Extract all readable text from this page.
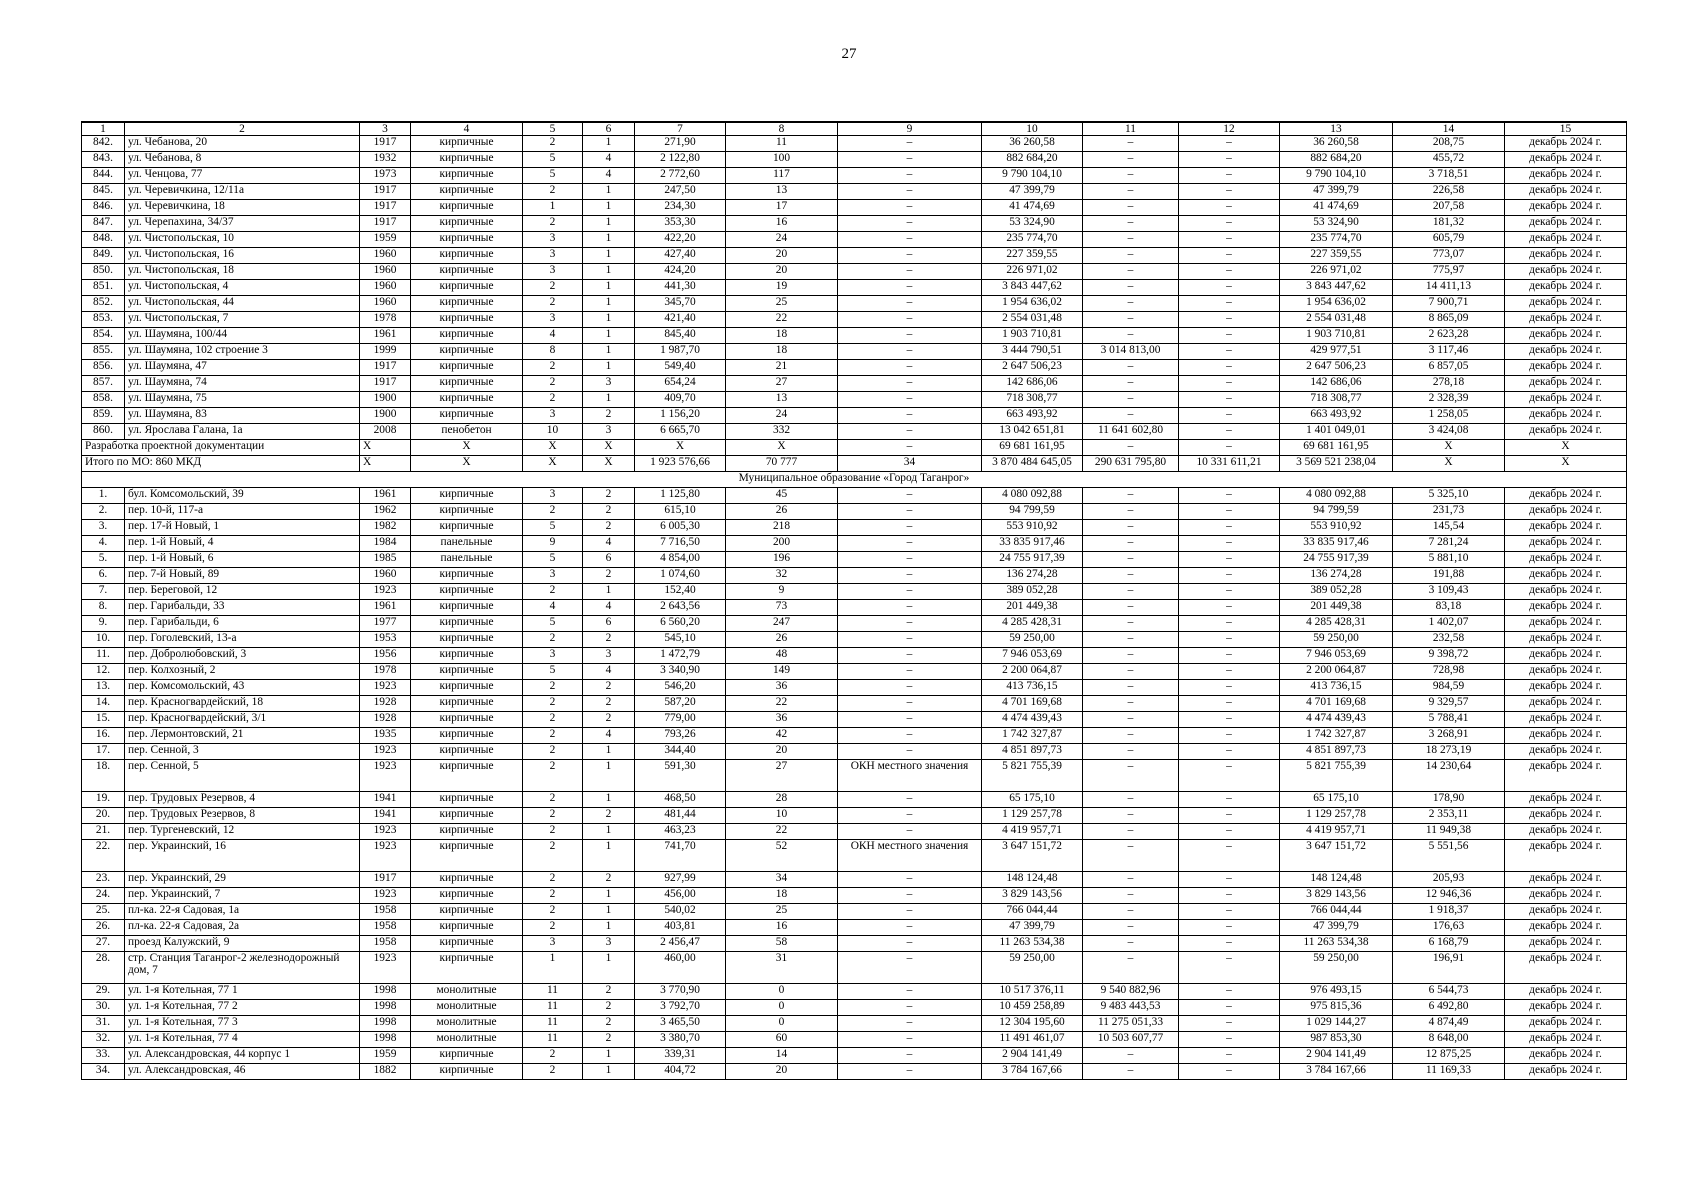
27
1	2	3	4	5	6	7	8	9	10	11	12	13	14	15
842.	ул. Чебанова, 20	1917	кирпичные	2	1	271,90	11	–	36 260,58	–	–	36 260,58	208,75	декабрь 2024 г.
843.	ул. Чебанова, 8	1932	кирпичные	5	4	2 122,80	100	–	882 684,20	–	–	882 684,20	455,72	декабрь 2024 г.
844.	ул. Ченцова, 77	1973	кирпичные	5	4	2 772,60	117	–	9 790 104,10	–	–	9 790 104,10	3 718,51	декабрь 2024 г.
845.	ул. Черевичкина, 12/11а	1917	кирпичные	2	1	247,50	13	–	47 399,79	–	–	47 399,79	226,58	декабрь 2024 г.
846.	ул. Черевичкина, 18	1917	кирпичные	1	1	234,30	17	–	41 474,69	–	–	41 474,69	207,58	декабрь 2024 г.
847.	ул. Черепахина, 34/37	1917	кирпичные	2	1	353,30	16	–	53 324,90	–	–	53 324,90	181,32	декабрь 2024 г.
848.	ул. Чистопольская, 10	1959	кирпичные	3	1	422,20	24	–	235 774,70	–	–	235 774,70	605,79	декабрь 2024 г.
849.	ул. Чистопольская, 16	1960	кирпичные	3	1	427,40	20	–	227 359,55	–	–	227 359,55	773,07	декабрь 2024 г.
850.	ул. Чистопольская, 18	1960	кирпичные	3	1	424,20	20	–	226 971,02	–	–	226 971,02	775,97	декабрь 2024 г.
851.	ул. Чистопольская, 4	1960	кирпичные	2	1	441,30	19	–	3 843 447,62	–	–	3 843 447,62	14 411,13	декабрь 2024 г.
852.	ул. Чистопольская, 44	1960	кирпичные	2	1	345,70	25	–	1 954 636,02	–	–	1 954 636,02	7 900,71	декабрь 2024 г.
853.	ул. Чистопольская, 7	1978	кирпичные	3	1	421,40	22	–	2 554 031,48	–	–	2 554 031,48	8 865,09	декабрь 2024 г.
854.	ул. Шаумяна, 100/44	1961	кирпичные	4	1	845,40	18	–	1 903 710,81	–	–	1 903 710,81	2 623,28	декабрь 2024 г.
855.	ул. Шаумяна, 102 строение 3	1999	кирпичные	8	1	1 987,70	18	–	3 444 790,51	3 014 813,00	–	429 977,51	3 117,46	декабрь 2024 г.
856.	ул. Шаумяна, 47	1917	кирпичные	2	1	549,40	21	–	2 647 506,23	–	–	2 647 506,23	6 857,05	декабрь 2024 г.
857.	ул. Шаумяна, 74	1917	кирпичные	2	3	654,24	27	–	142 686,06	–	–	142 686,06	278,18	декабрь 2024 г.
858.	ул. Шаумяна, 75	1900	кирпичные	2	1	409,70	13	–	718 308,77	–	–	718 308,77	2 328,39	декабрь 2024 г.
859.	ул. Шаумяна, 83	1900	кирпичные	3	2	1 156,20	24	–	663 493,92	–	–	663 493,92	1 258,05	декабрь 2024 г.
860.	ул. Ярослава Галана, 1а	2008	пенобетон	10	3	6 665,70	332	–	13 042 651,81	11 641 602,80	–	1 401 049,01	3 424,08	декабрь 2024 г.
Разработка проектной документации		X	X	X	X	X	X	–	69 681 161,95	–	–	69 681 161,95	X	X
Итого по МО: 860 МКД		X	X	X	X	1 923 576,66	70 777	34	3 870 484 645,05	290 631 795,80	10 331 611,21	3 569 521 238,04	X	X
Муниципальное образование «Город Таганрог»														
1.	бул. Комсомольский, 39	1961	кирпичные	3	2	1 125,80	45	–	4 080 092,88	–	–	4 080 092,88	5 325,10	декабрь 2024 г.
2.	пер. 10-й, 117-а	1962	кирпичные	2	2	615,10	26	–	94 799,59	–	–	94 799,59	231,73	декабрь 2024 г.
3.	пер. 17-й Новый, 1	1982	кирпичные	5	2	6 005,30	218	–	553 910,92	–	–	553 910,92	145,54	декабрь 2024 г.
4.	пер. 1-й Новый, 4	1984	панельные	9	4	7 716,50	200	–	33 835 917,46	–	–	33 835 917,46	7 281,24	декабрь 2024 г.
5.	пер. 1-й Новый, 6	1985	панельные	5	6	4 854,00	196	–	24 755 917,39	–	–	24 755 917,39	5 881,10	декабрь 2024 г.
6.	пер. 7-й Новый, 89	1960	кирпичные	3	2	1 074,60	32	–	136 274,28	–	–	136 274,28	191,88	декабрь 2024 г.
7.	пер. Береговой, 12	1923	кирпичные	2	1	152,40	9	–	389 052,28	–	–	389 052,28	3 109,43	декабрь 2024 г.
8.	пер. Гарибальди, 33	1961	кирпичные	4	4	2 643,56	73	–	201 449,38	–	–	201 449,38	83,18	декабрь 2024 г.
9.	пер. Гарибальди, 6	1977	кирпичные	5	6	6 560,20	247	–	4 285 428,31	–	–	4 285 428,31	1 402,07	декабрь 2024 г.
10.	пер. Гоголевский, 13-а	1953	кирпичные	2	2	545,10	26	–	59 250,00	–	–	59 250,00	232,58	декабрь 2024 г.
11.	пер. Добролюбовский, 3	1956	кирпичные	3	3	1 472,79	48	–	7 946 053,69	–	–	7 946 053,69	9 398,72	декабрь 2024 г.
12.	пер. Колхозный, 2	1978	кирпичные	5	4	3 340,90	149	–	2 200 064,87	–	–	2 200 064,87	728,98	декабрь 2024 г.
13.	пер. Комсомольский, 43	1923	кирпичные	2	2	546,20	36	–	413 736,15	–	–	413 736,15	984,59	декабрь 2024 г.
14.	пер. Красногвардейский, 18	1928	кирпичные	2	2	587,20	22	–	4 701 169,68	–	–	4 701 169,68	9 329,57	декабрь 2024 г.
15.	пер. Красногвардейский, 3/1	1928	кирпичные	2	2	779,00	36	–	4 474 439,43	–	–	4 474 439,43	5 788,41	декабрь 2024 г.
16.	пер. Лермонтовский, 21	1935	кирпичные	2	4	793,26	42	–	1 742 327,87	–	–	1 742 327,87	3 268,91	декабрь 2024 г.
17.	пер. Сенной, 3	1923	кирпичные	2	1	344,40	20	–	4 851 897,73	–	–	4 851 897,73	18 273,19	декабрь 2024 г.
18.	пер. Сенной, 5	1923	кирпичные	2	1	591,30	27	ОКН местного значения	5 821 755,39	–	–	5 821 755,39	14 230,64	декабрь 2024 г.
19.	пер. Трудовых Резервов, 4	1941	кирпичные	2	1	468,50	28	–	65 175,10	–	–	65 175,10	178,90	декабрь 2024 г.
20.	пер. Трудовых Резервов, 8	1941	кирпичные	2	2	481,44	10	–	1 129 257,78	–	–	1 129 257,78	2 353,11	декабрь 2024 г.
21.	пер. Тургеневский, 12	1923	кирпичные	2	1	463,23	22	–	4 419 957,71	–	–	4 419 957,71	11 949,38	декабрь 2024 г.
22.	пер. Украинский, 16	1923	кирпичные	2	1	741,70	52	ОКН местного значения	3 647 151,72	–	–	3 647 151,72	5 551,56	декабрь 2024 г.
23.	пер. Украинский, 29	1917	кирпичные	2	2	927,99	34	–	148 124,48	–	–	148 124,48	205,93	декабрь 2024 г.
24.	пер. Украинский, 7	1923	кирпичные	2	1	456,00	18	–	3 829 143,56	–	–	3 829 143,56	12 946,36	декабрь 2024 г.
25.	пл-ка. 22-я Садовая, 1а	1958	кирпичные	2	1	540,02	25	–	766 044,44	–	–	766 044,44	1 918,37	декабрь 2024 г.
26.	пл-ка. 22-я Садовая, 2а	1958	кирпичные	2	1	403,81	16	–	47 399,79	–	–	47 399,79	176,63	декабрь 2024 г.
27.	проезд Калужский, 9	1958	кирпичные	3	3	2 456,47	58	–	11 263 534,38	–	–	11 263 534,38	6 168,79	декабрь 2024 г.
28.	стр. Станция Таганрог-2 железнодорожный дом, 7	1923	кирпичные	1	1	460,00	31	–	59 250,00	–	–	59 250,00	196,91	декабрь 2024 г.
29.	ул. 1-я Котельная, 77 1	1998	монолитные	11	2	3 770,90	0	–	10 517 376,11	9 540 882,96	–	976 493,15	6 544,73	декабрь 2024 г.
30.	ул. 1-я Котельная, 77 2	1998	монолитные	11	2	3 792,70	0	–	10 459 258,89	9 483 443,53	–	975 815,36	6 492,80	декабрь 2024 г.
31.	ул. 1-я Котельная, 77 3	1998	монолитные	11	2	3 465,50	0	–	12 304 195,60	11 275 051,33	–	1 029 144,27	4 874,49	декабрь 2024 г.
32.	ул. 1-я Котельная, 77 4	1998	монолитные	11	2	3 380,70	60	–	11 491 461,07	10 503 607,77	–	987 853,30	8 648,00	декабрь 2024 г.
33.	ул. Александровская, 44 корпус 1	1959	кирпичные	2	1	339,31	14	–	2 904 141,49	–	–	2 904 141,49	12 875,25	декабрь 2024 г.
34.	ул. Александровская, 46	1882	кирпичные	2	1	404,72	20	–	3 784 167,66	–	–	3 784 167,66	11 169,33	декабрь 2024 г.
